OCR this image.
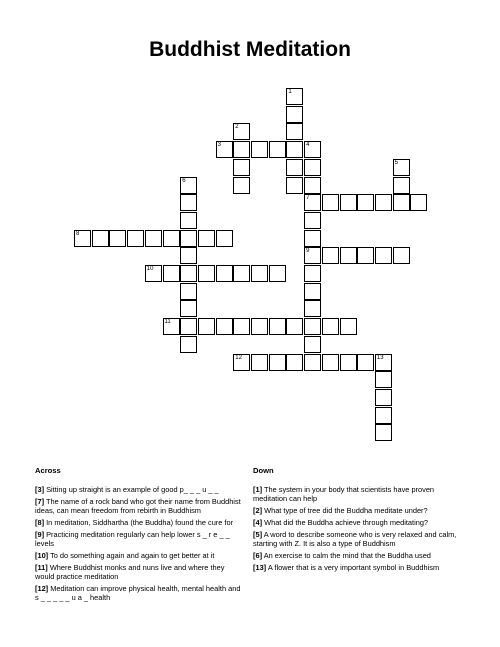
Buddhist Meditation
1
2
3	4
7
9
5
6
8
10
11
12	13
Across
[3] Sitting up straight is an example of good p_ _ _ u _ _
[7] The name of a rock band who got their name from Buddhist ideas, can mean freedom from rebirth in Buddhism
[8] In meditation, Siddhartha (the Buddha) found the cure for
[9] Practicing meditation regularly can help lower s _ r e _ _ levels
[10] To do something again and again to get better at it
[11] Where Buddhist monks and nuns live and where they would practice meditation
[12] Meditation can improve physical health, mental health and s _ _ _ _ _ u a _ health
Down
[1] The system in your body that scientists have proven meditation can help
[2] What type of tree did the Buddha meditate under?
[4] What did the Buddha achieve through meditating?
[5] A word to describe someone who is very relaxed and calm, starting with Z. It is also a type of Buddhism
[6] An exercise to calm the mind that the Buddha used
[13] A flower that is a very important symbol in Buddhism
